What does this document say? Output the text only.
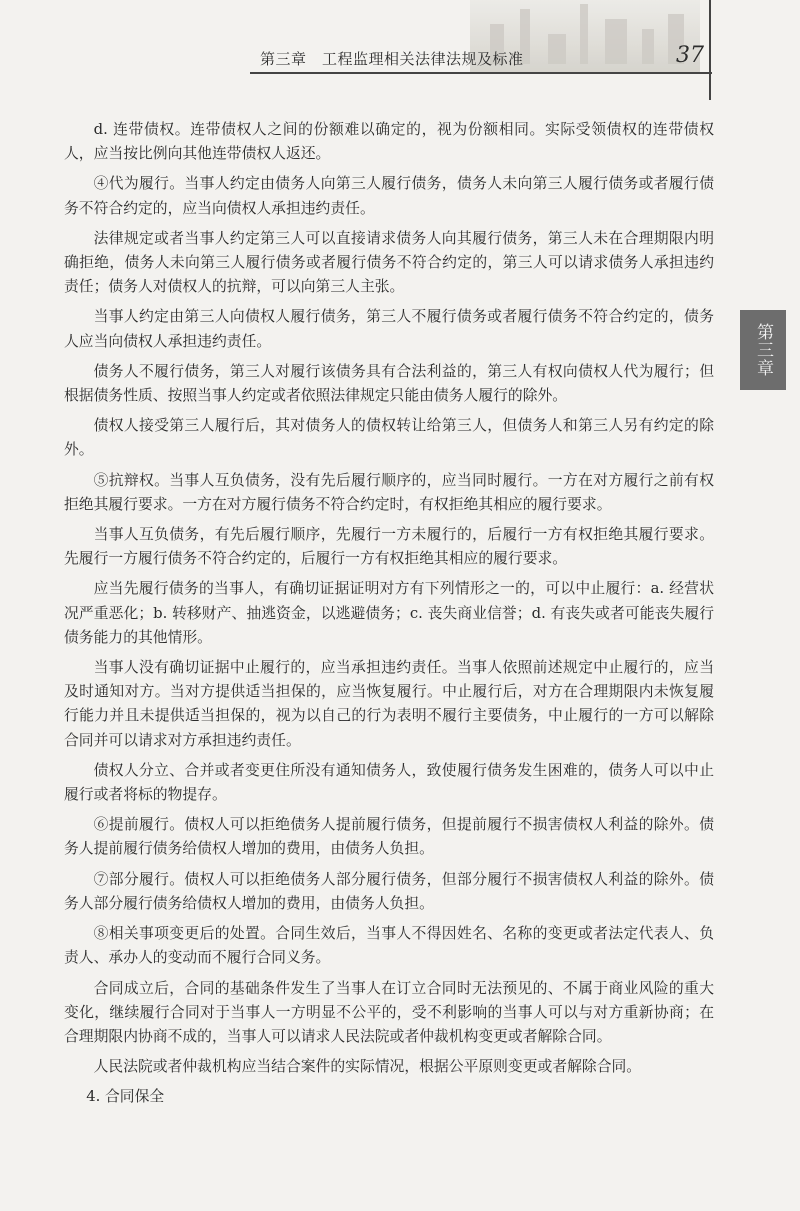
第三章　工程监理相关法律法规及标准	37
第三章

d. 连带债权。连带债权人之间的份额难以确定的，视为份额相同。实际受领债权的连带债权人，应当按比例向其他连带债权人返还。

④代为履行。当事人约定由债务人向第三人履行债务，债务人未向第三人履行债务或者履行债务不符合约定的，应当向债权人承担违约责任。

法律规定或者当事人约定第三人可以直接请求债务人向其履行债务，第三人未在合理期限内明确拒绝，债务人未向第三人履行债务或者履行债务不符合约定的，第三人可以请求债务人承担违约责任；债务人对债权人的抗辩，可以向第三人主张。

当事人约定由第三人向债权人履行债务，第三人不履行债务或者履行债务不符合约定的，债务人应当向债权人承担违约责任。

债务人不履行债务，第三人对履行该债务具有合法利益的，第三人有权向债权人代为履行；但根据债务性质、按照当事人约定或者依照法律规定只能由债务人履行的除外。

债权人接受第三人履行后，其对债务人的债权转让给第三人，但债务人和第三人另有约定的除外。

⑤抗辩权。当事人互负债务，没有先后履行顺序的，应当同时履行。一方在对方履行之前有权拒绝其履行要求。一方在对方履行债务不符合约定时，有权拒绝其相应的履行要求。

当事人互负债务，有先后履行顺序，先履行一方未履行的，后履行一方有权拒绝其履行要求。先履行一方履行债务不符合约定的，后履行一方有权拒绝其相应的履行要求。

应当先履行债务的当事人，有确切证据证明对方有下列情形之一的，可以中止履行：a. 经营状况严重恶化；b. 转移财产、抽逃资金，以逃避债务；c. 丧失商业信誉；d. 有丧失或者可能丧失履行债务能力的其他情形。

当事人没有确切证据中止履行的，应当承担违约责任。当事人依照前述规定中止履行的，应当及时通知对方。当对方提供适当担保的，应当恢复履行。中止履行后，对方在合理期限内未恢复履行能力并且未提供适当担保的，视为以自己的行为表明不履行主要债务，中止履行的一方可以解除合同并可以请求对方承担违约责任。

债权人分立、合并或者变更住所没有通知债务人，致使履行债务发生困难的，债务人可以中止履行或者将标的物提存。

⑥提前履行。债权人可以拒绝债务人提前履行债务，但提前履行不损害债权人利益的除外。债务人提前履行债务给债权人增加的费用，由债务人负担。

⑦部分履行。债权人可以拒绝债务人部分履行债务，但部分履行不损害债权人利益的除外。债务人部分履行债务给债权人增加的费用，由债务人负担。

⑧相关事项变更后的处置。合同生效后，当事人不得因姓名、名称的变更或者法定代表人、负责人、承办人的变动而不履行合同义务。

合同成立后，合同的基础条件发生了当事人在订立合同时无法预见的、不属于商业风险的重大变化，继续履行合同对于当事人一方明显不公平的，受不利影响的当事人可以与对方重新协商；在合理期限内协商不成的，当事人可以请求人民法院或者仲裁机构变更或者解除合同。

人民法院或者仲裁机构应当结合案件的实际情况，根据公平原则变更或者解除合同。

4. 合同保全
